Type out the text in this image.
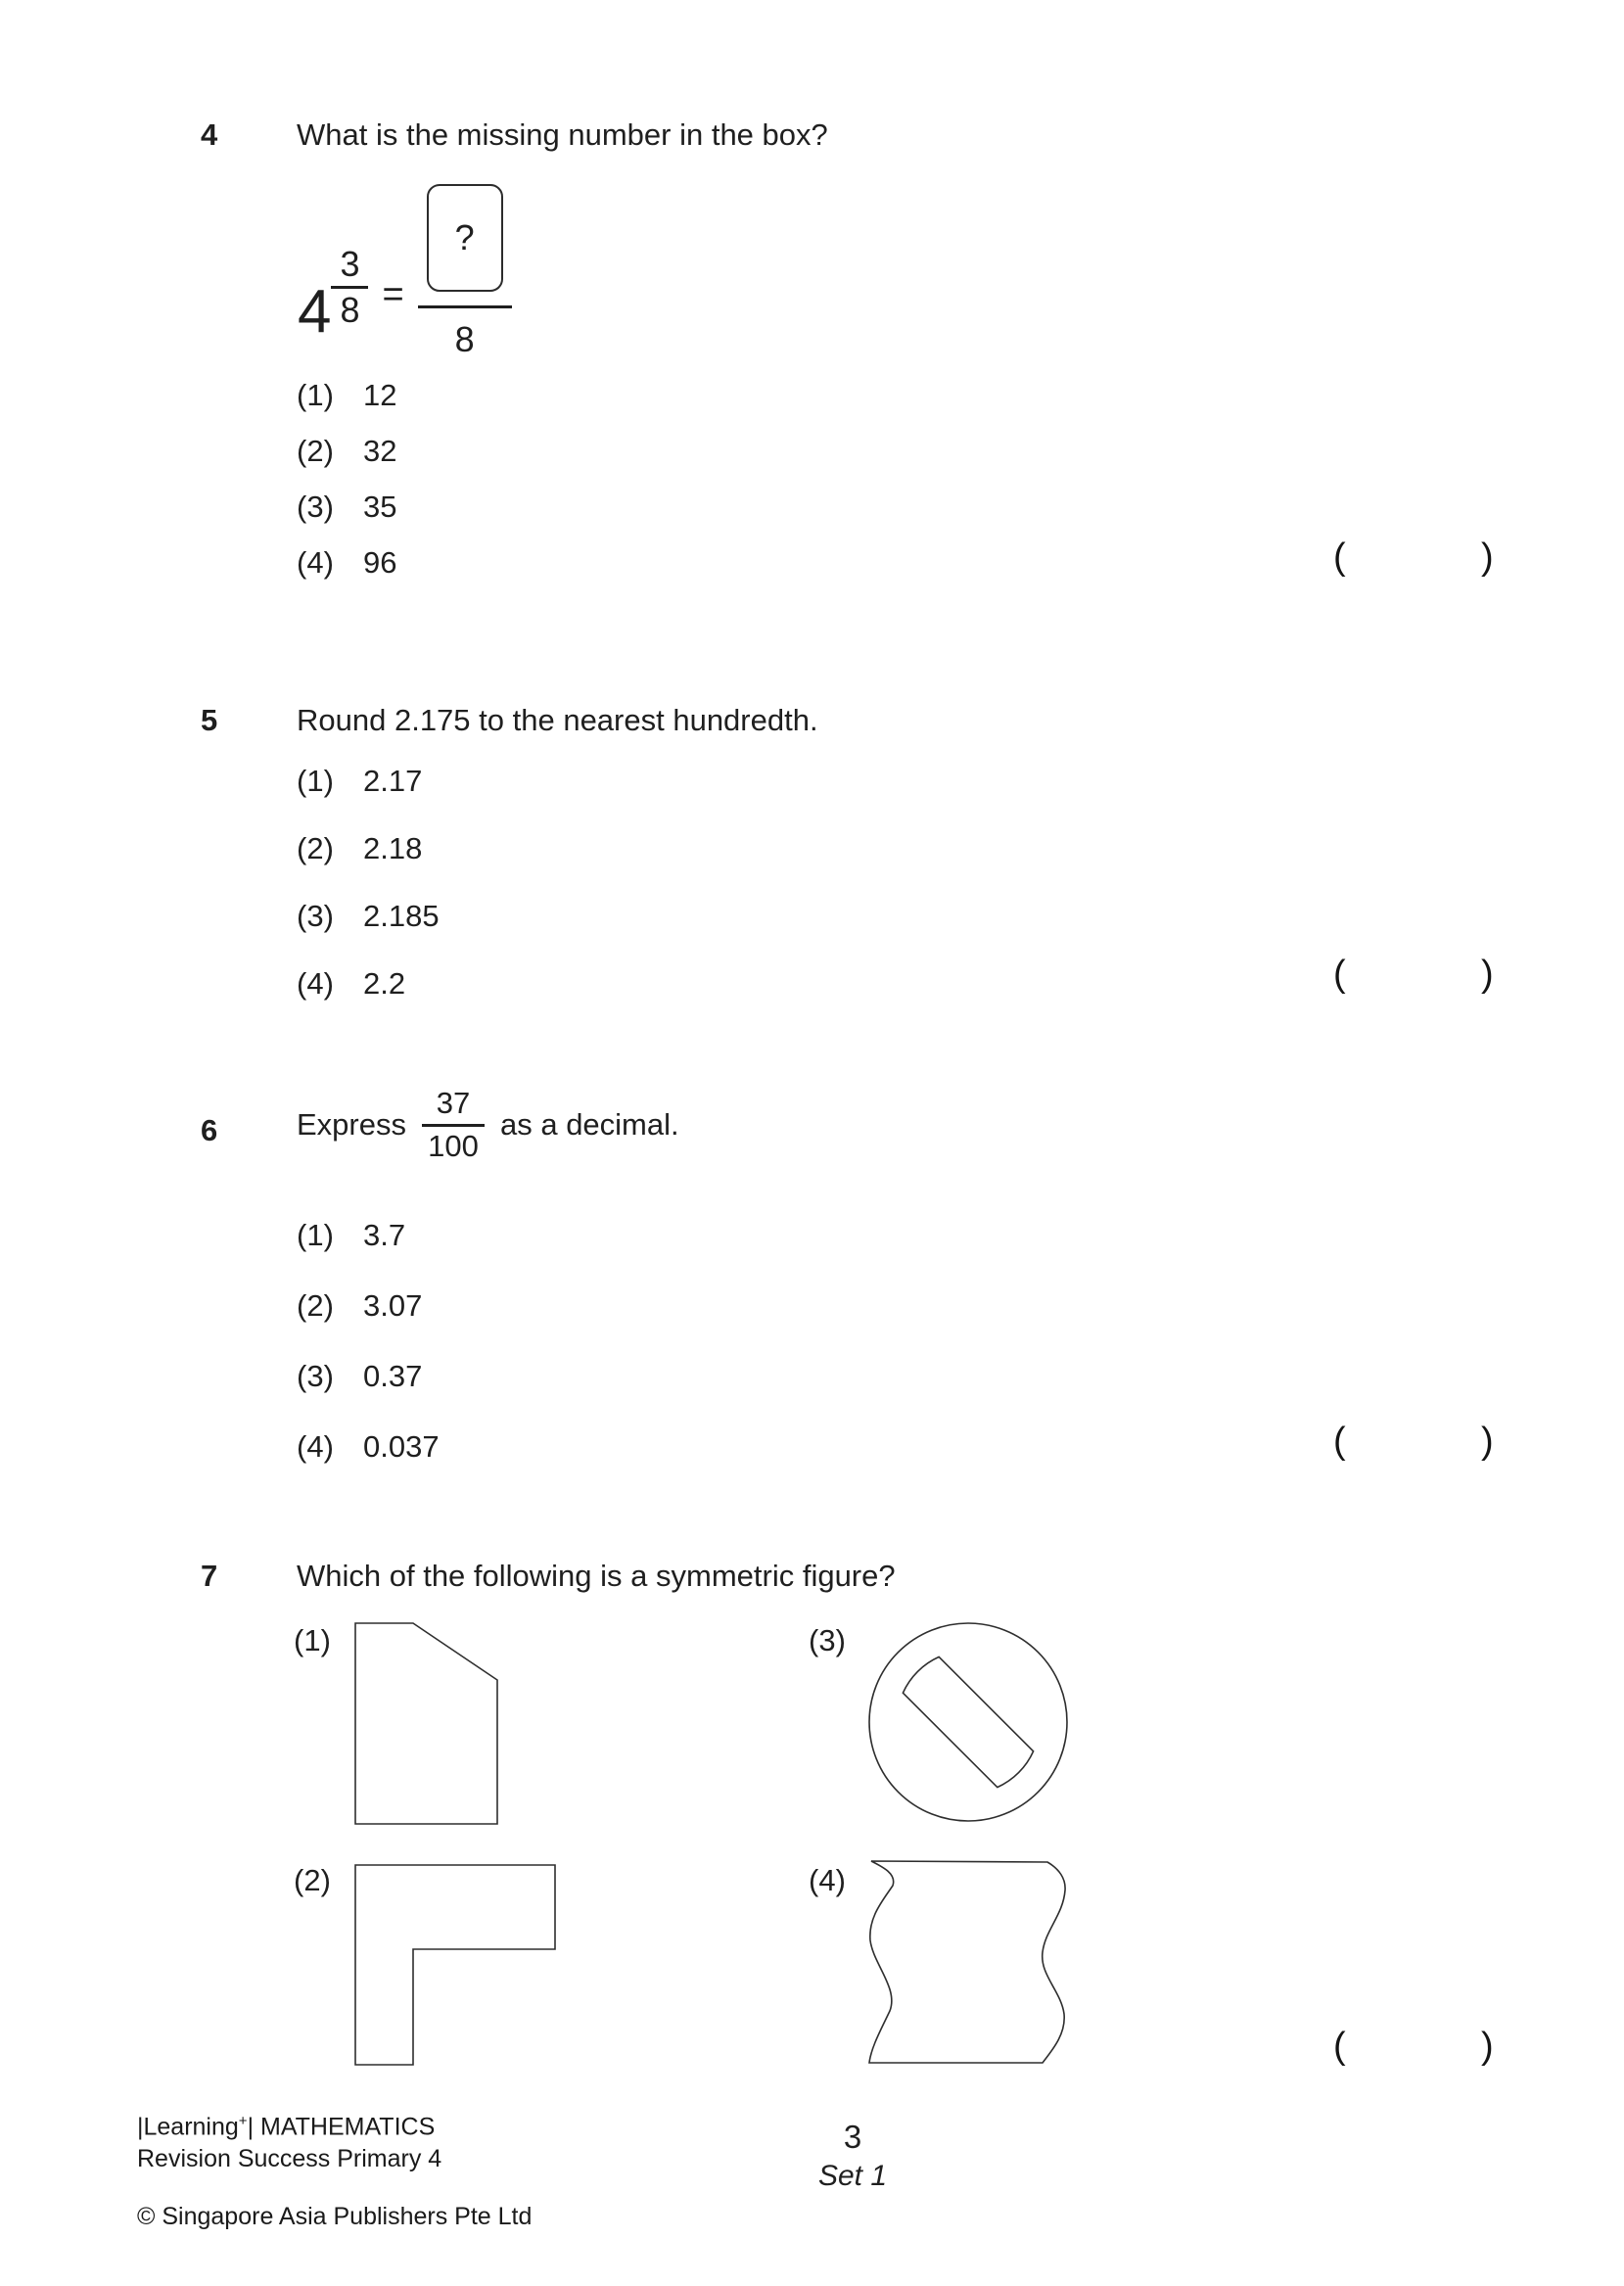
4	What is the missing number in the box?
4
3
8 =
?
8
(1) 12
(2) 32
(3) 35
(4) 96	(	)
5	Round 2.175 to the nearest hundredth.
(1) 2.17
(2) 2.18
(3) 2.185
(4) 2.2	(	)
6	Express
37
100
as a decimal.
(1) 3.7
(2) 3.07
(3) 0.37
(4) 0.037	(	)
7	Which of the following is a symmetric figure?
(1)	(3)
(2)	(4)
(	)
|Learning+| MATHEMATICS
Revision Success Primary 4
© Singapore Asia Publishers Pte Ltd
3
Set 1
